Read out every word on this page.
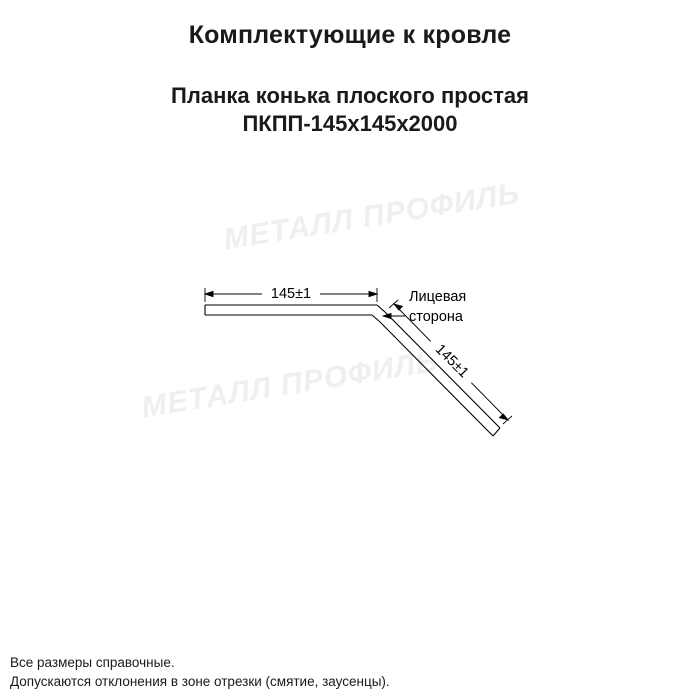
Комплектующие к кровле
Планка конька плоского простая
ПКПП-145х145х2000
МЕТАЛЛ ПРОФИЛЬ
МЕТАЛЛ ПРОФИЛЬ
145±1
145±1
Лицевая
сторона
Все размеры справочные.
Допускаются отклонения в зоне отрезки (смятие, заусенцы).
